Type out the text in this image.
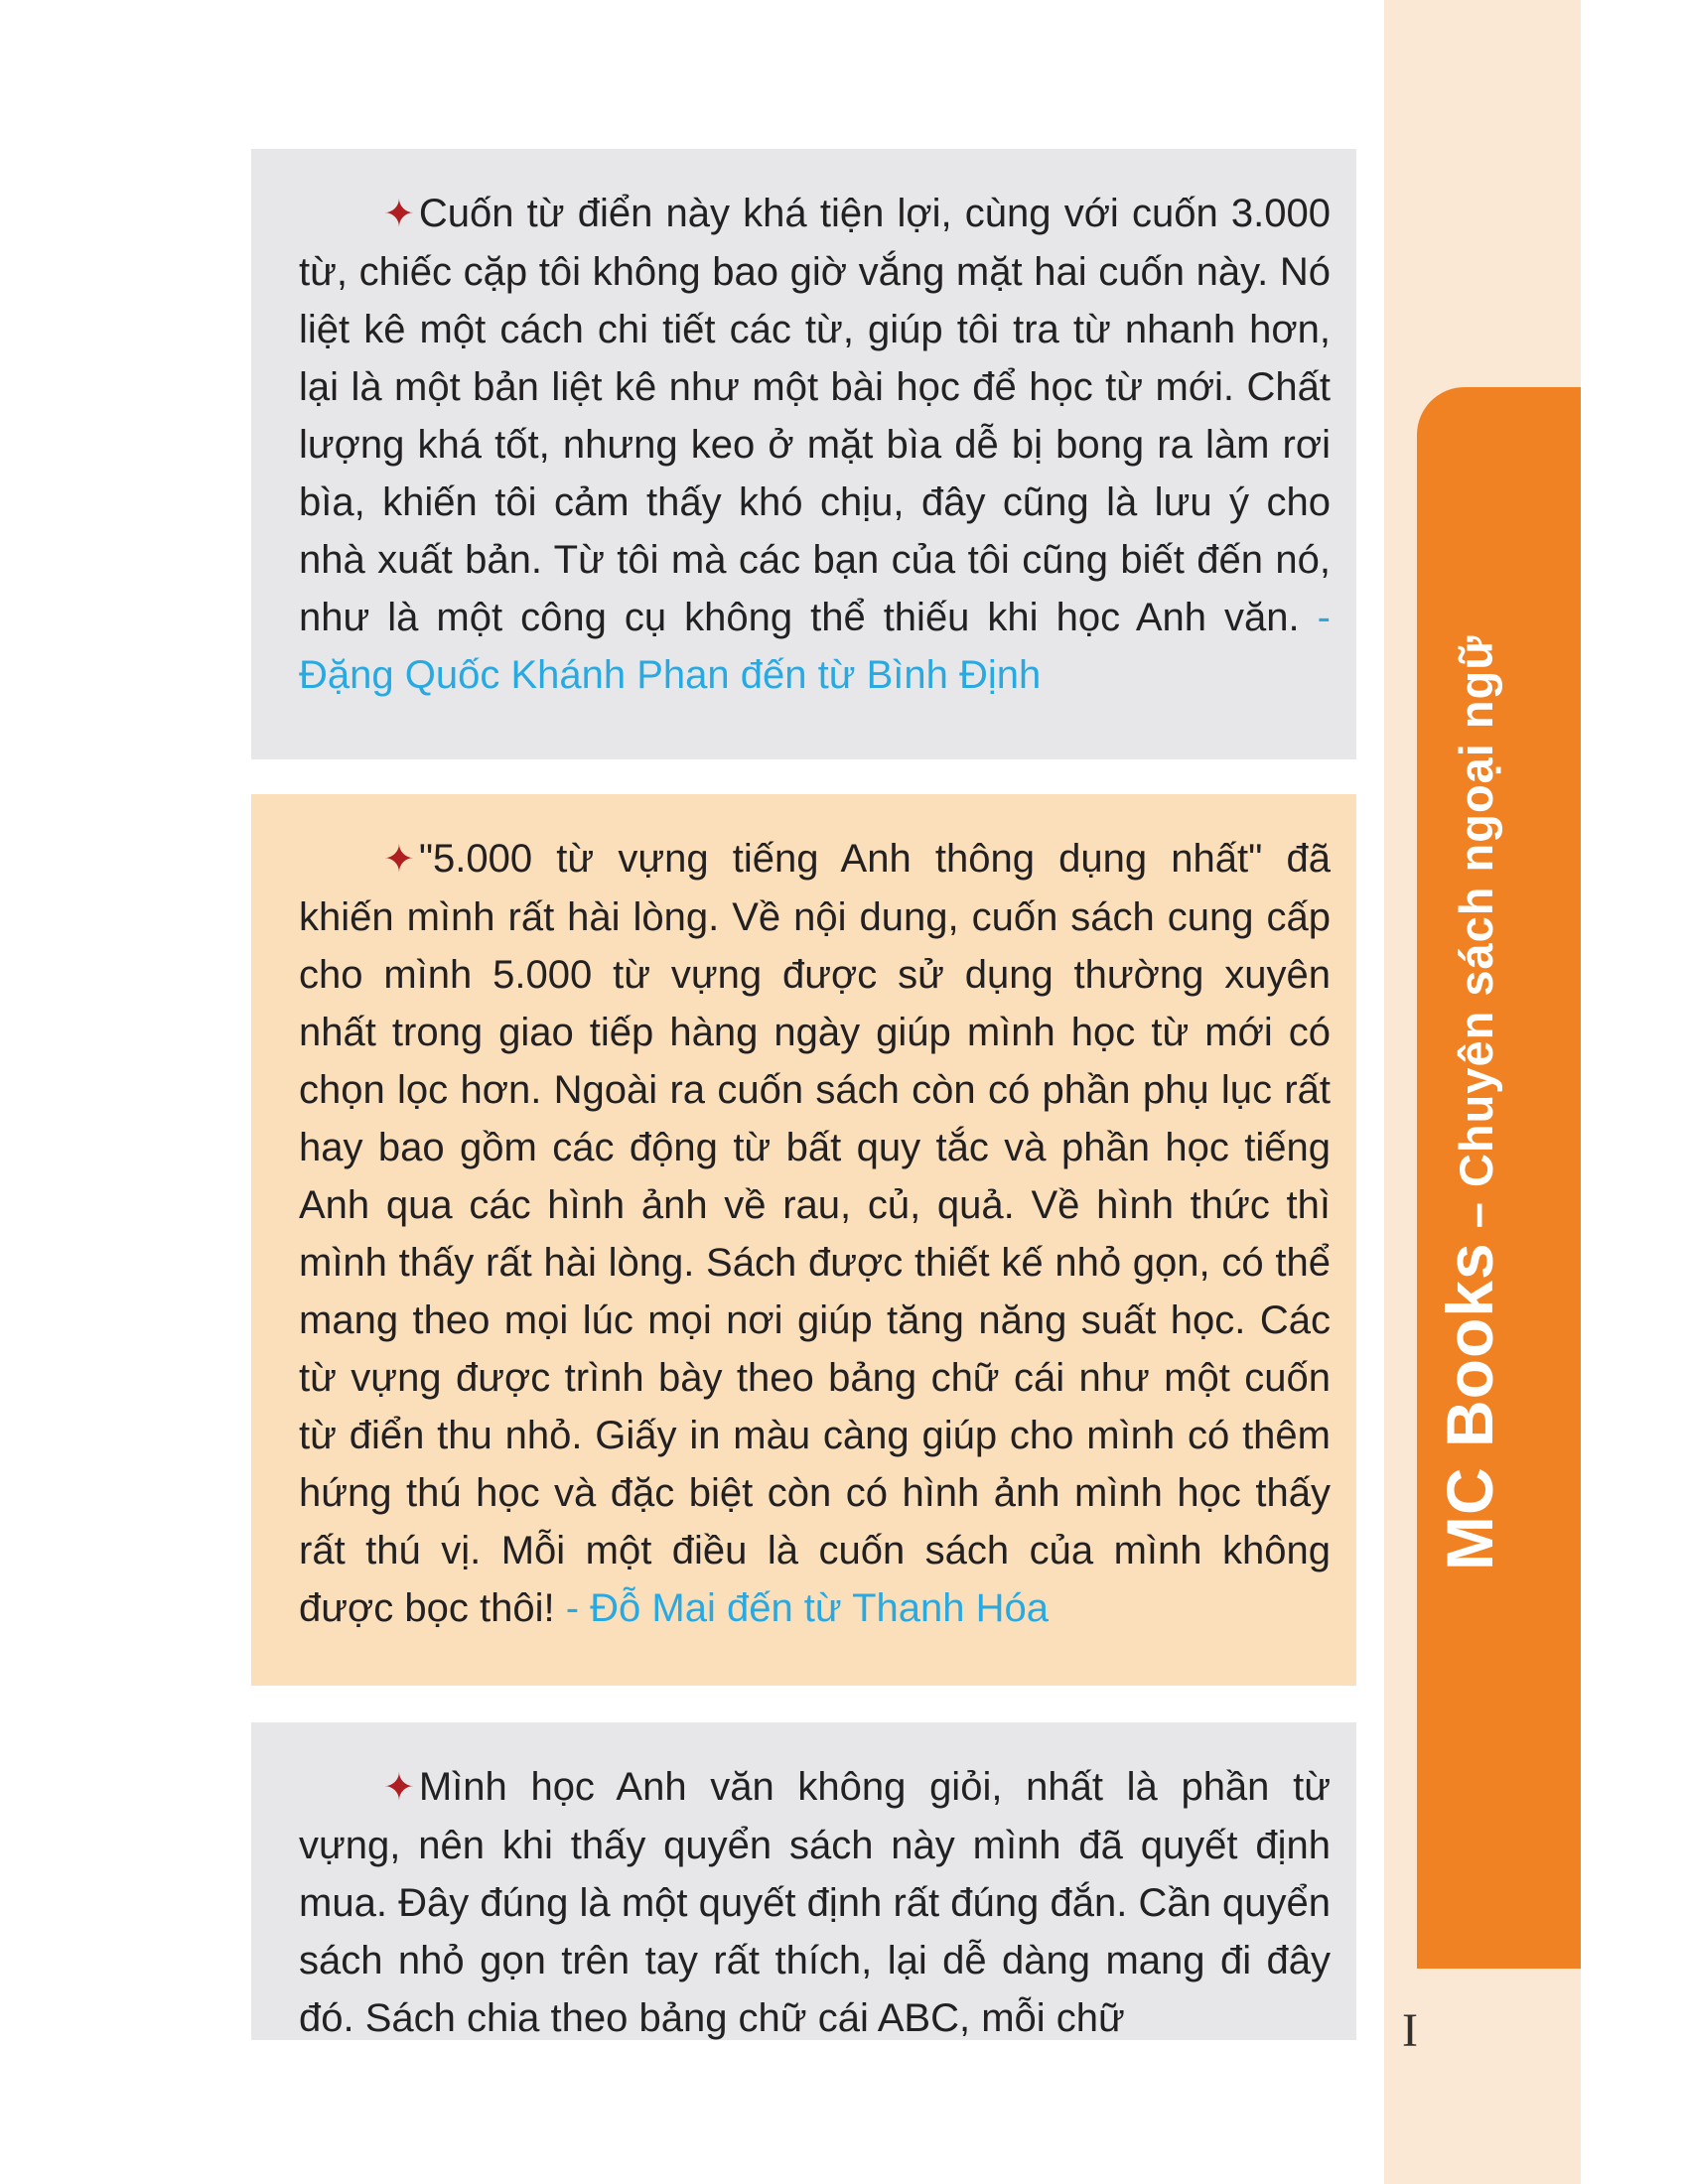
MC Books – Chuyên sách ngoại ngữ
I

✦ Cuốn từ điển này khá tiện lợi, cùng với cuốn 3.000 từ, chiếc cặp tôi không bao giờ vắng mặt hai cuốn này. Nó liệt kê một cách chi tiết các từ, giúp tôi tra từ nhanh hơn, lại là một bản liệt kê như một bài học để học từ mới. Chất lượng khá tốt, nhưng keo ở mặt bìa dễ bị bong ra làm rơi bìa, khiến tôi cảm thấy khó chịu, đây cũng là lưu ý cho nhà xuất bản. Từ tôi mà các bạn của tôi cũng biết đến nó, như là một công cụ không thể thiếu khi học Anh văn. - Đặng Quốc Khánh Phan đến từ Bình Định

✦ "5.000 từ vựng tiếng Anh thông dụng nhất" đã khiến mình rất hài lòng. Về nội dung, cuốn sách cung cấp cho mình 5.000 từ vựng được sử dụng thường xuyên nhất trong giao tiếp hàng ngày giúp mình học từ mới có chọn lọc hơn. Ngoài ra cuốn sách còn có phần phụ lục rất hay bao gồm các động từ bất quy tắc và phần học tiếng Anh qua các hình ảnh về rau, củ, quả. Về hình thức thì mình thấy rất hài lòng. Sách được thiết kế nhỏ gọn, có thể mang theo mọi lúc mọi nơi giúp tăng năng suất học. Các từ vựng được trình bày theo bảng chữ cái như một cuốn từ điển thu nhỏ. Giấy in màu càng giúp cho mình có thêm hứng thú học và đặc biệt còn có hình ảnh mình học thấy rất thú vị. Mỗi một điều là cuốn sách của mình không được bọc thôi! - Đỗ Mai đến từ Thanh Hóa

✦ Mình học Anh văn không giỏi, nhất là phần từ vựng, nên khi thấy quyển sách này mình đã quyết định mua. Đây đúng là một quyết định rất đúng đắn. Cần quyển sách nhỏ gọn trên tay rất thích, lại dễ dàng mang đi đây đó. Sách chia theo bảng chữ cái ABC, mỗi chữ
